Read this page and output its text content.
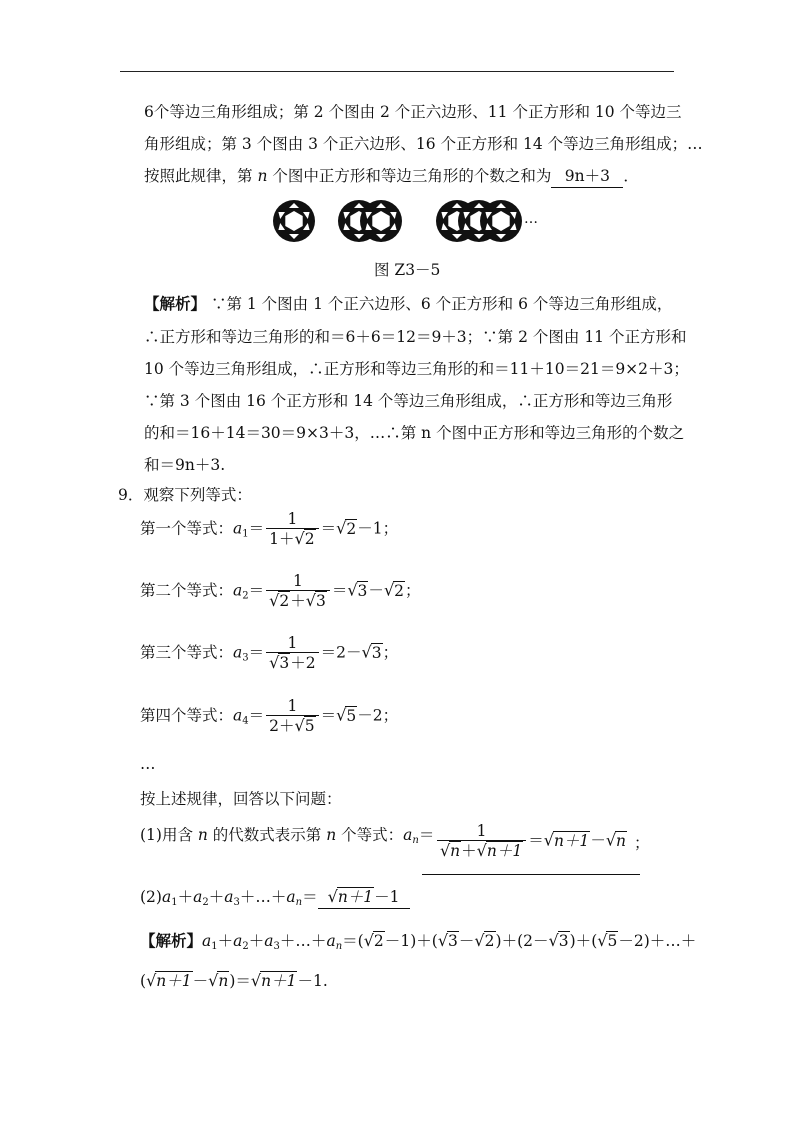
6个等边三角形组成；第 2 个图由 2 个正六边形、11 个正方形和 10 个等边三
角形组成；第 3 个图由 3 个正六边形、16 个正方形和 14 个等边三角形组成；…
按照此规律，第 n 个图中正方形和等边三角形的个数之和为 9n＋3 ．
…
图 Z3－5
【解析】 ∵第 1 个图由 1 个正六边形、6 个正方形和 6 个等边三角形组成，
∴正方形和等边三角形的和＝6＋6＝12＝9＋3；∵第 2 个图由 11 个正方形和
10 个等边三角形组成，∴正方形和等边三角形的和＝11＋10＝21＝9×2＋3；
∵第 3 个图由 16 个正方形和 14 个等边三角形组成，∴正方形和等边三角形
的和＝16＋14＝30＝9×3＋3，…∴第 n 个图中正方形和等边三角形的个数之
和＝9n＋3.
9．观察下列等式：
第一个等式：$a_1= \frac{1}{1+√2} =√2-1$；
第二个等式：$a_2= \frac{1}{√2+√3} =√3-√2$；
第三个等式：$a_3= \frac{1}{√3+2} =2-√3$；
第四个等式：$a_4= \frac{1}{2+√5} =√5-2$；
…
按上述规律，回答以下问题：
(1)用含 n 的代数式表示第 n 个等式：$a_n= \frac{1}{√n+√n+1} =√n+1-√n$ ；
$(2)a_1+a_2+a_3+\dots+a_n= √n+1-1$
【解析】$a_1+a_2+a_3+\dots+a_n=(√2-1)+(√3-√2)+(2-√3)+(√5-2)+\dots+$
(√n＋1－√n)＝√n＋1－1.
